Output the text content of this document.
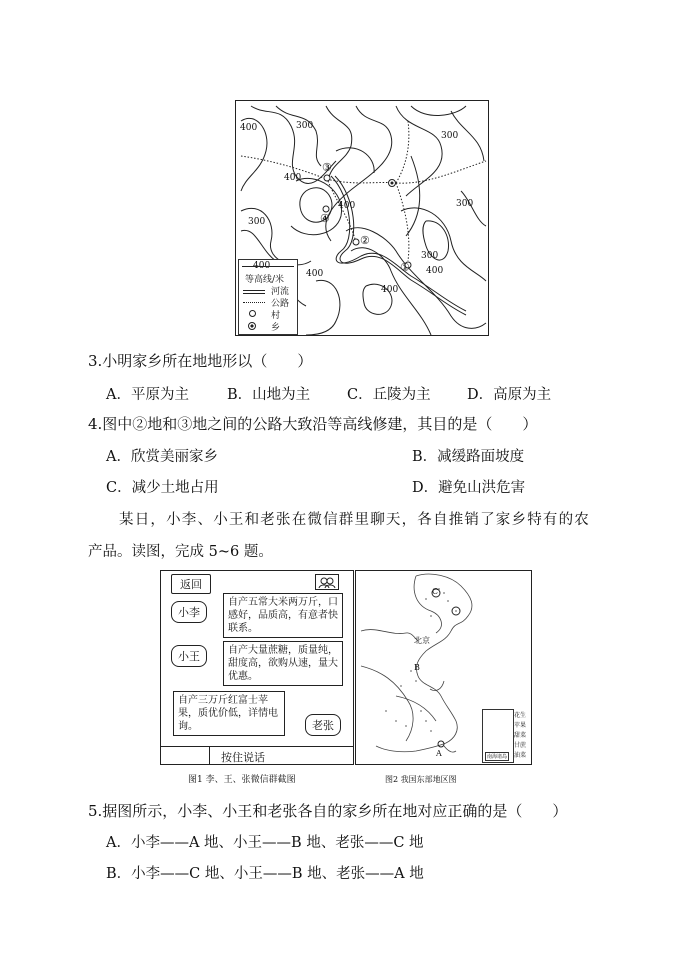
400	300
400
300
400
300
300
400	300
400
400
③
④
②
①
400
等高线/米
河流
公路
村
乡
3.小明家乡所在地地形以（　　）
A．平原为主	B．山地为主	C．丘陵为主	D．高原为主
4.图中②地和③地之间的公路大致沿等高线修建，其目的是（　　）
A．欣赏美丽家乡	B．减缓路面坡度
C．减少土地占用	D．避免山洪危害
某日，小李、小王和老张在微信群里聊天，各自推销了家乡特有的农
产品。读图，完成 5~6 题。
返回
小李
自产五常大米两万斤，口感好，品质高，有意者快联系。
小王	自产大量蔗糖，质量纯，甜度高，欲购从速，量大优惠。
自产三万斤红富士苹果，质优价低，详情电询。	老张
按住说话
图1 李、王、张微信群截图
C
北京
B
A	南海诸岛
花生
苹果
甜菜
甘蔗
油菜
图2 我国东部地区图
5.据图所示，小李、小王和老张各自的家乡所在地对应正确的是（　　）
A．小李——A 地、小王——B 地、老张——C 地
B．小李——C 地、小王——B 地、老张——A 地
